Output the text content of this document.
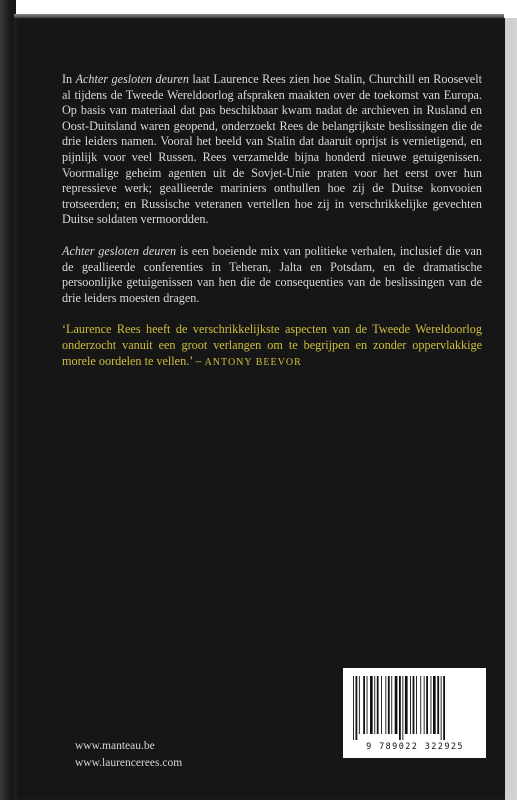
In Achter gesloten deuren laat Laurence Rees zien hoe Stalin, Churchill en Roosevelt al tijdens de Tweede Wereldoorlog afspraken maakten over de toekomst van Europa. Op basis van materiaal dat pas beschikbaar kwam nadat de archieven in Rusland en Oost-Duitsland waren geopend, onderzoekt Rees de belangrijkste beslissingen die de drie leiders namen. Vooral het beeld van Stalin dat daaruit oprijst is vernietigend, en pijnlijk voor veel Russen. Rees verzamelde bijna honderd nieuwe getuigenissen. Voormalige geheim agenten uit de Sovjet-Unie praten voor het eerst over hun repressieve werk; geallieerde mariniers onthullen hoe zij de Duitse konvooien trotseerden; en Russische veteranen vertellen hoe zij in verschrikkelijke gevechten Duitse soldaten vermoordden.

Achter gesloten deuren is een boeiende mix van politieke verhalen, inclusief die van de geallieerde conferenties in Teheran, Jalta en Potsdam, en de dramatische persoonlijke getuigenissen van hen die de consequenties van de beslissingen van de drie leiders moesten dragen.

‘Laurence Rees heeft de verschrikkelijkste aspecten van de Tweede Wereldoorlog onderzocht vanuit een groot verlangen om te begrijpen en zonder oppervlakkige morele oordelen te vellen.’ – ANTONY BEEVOR

www.manteau.be
www.laurencerees.com
9 789022 322925
